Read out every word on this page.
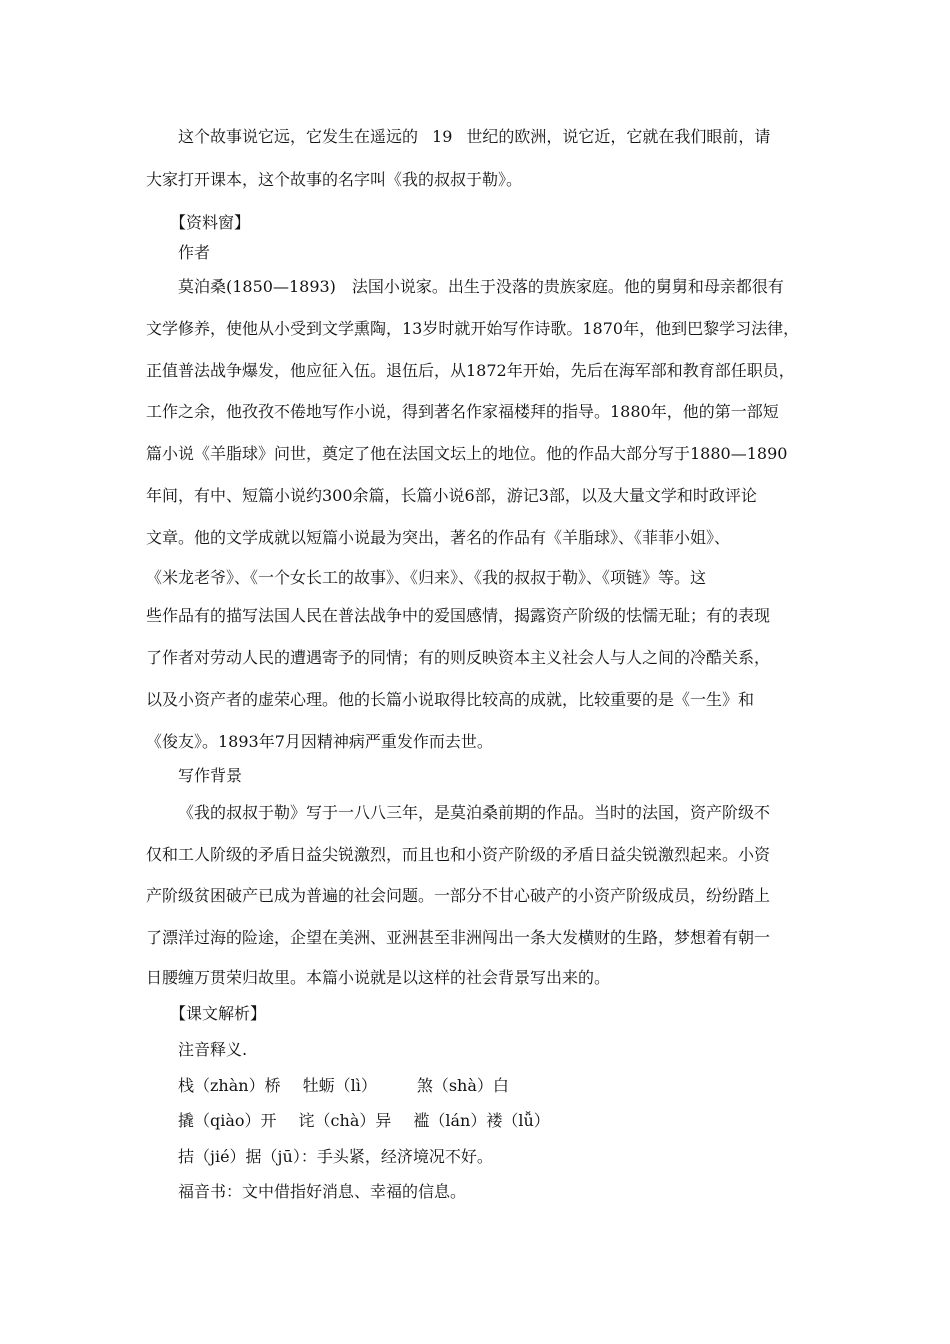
这个故事说它远，它发生在遥远的 19 世纪的欧洲，说它近，它就在我们眼前，请
大家打开课本，这个故事的名字叫《我的叔叔于勒》。
【资料窗】
作者
莫泊桑(1850—1893)　法国小说家。出生于没落的贵族家庭。他的舅舅和母亲都很有
文学修养，使他从小受到文学熏陶，13岁时就开始写作诗歌。1870年，他到巴黎学习法律，
正值普法战争爆发，他应征入伍。退伍后，从1872年开始，先后在海军部和教育部任职员，
工作之余，他孜孜不倦地写作小说，得到著名作家福楼拜的指导。1880年，他的第一部短
篇小说《羊脂球》问世，奠定了他在法国文坛上的地位。他的作品大部分写于1880—1890
年间，有中、短篇小说约300余篇，长篇小说6部，游记3部，以及大量文学和时政评论
文章。他的文学成就以短篇小说最为突出，著名的作品有《羊脂球》、《菲菲小姐》、
《米龙老爷》、《一个女长工的故事》、《归来》、《我的叔叔于勒》、《项链》等。这
些作品有的描写法国人民在普法战争中的爱国感情，揭露资产阶级的怯懦无耻；有的表现
了作者对劳动人民的遭遇寄予的同情；有的则反映资本主义社会人与人之间的冷酷关系，
以及小资产者的虚荣心理。他的长篇小说取得比较高的成就，比较重要的是《一生》和
《俊友》。1893年7月因精神病严重发作而去世。
写作背景
《我的叔叔于勒》写于一八八三年，是莫泊桑前期的作品。当时的法国，资产阶级不
仅和工人阶级的矛盾日益尖锐激烈，而且也和小资产阶级的矛盾日益尖锐激烈起来。小资
产阶级贫困破产已成为普遍的社会问题。一部分不甘心破产的小资产阶级成员，纷纷踏上
了漂洋过海的险途，企望在美洲、亚洲甚至非洲闯出一条大发横财的生路，梦想着有朝一
日腰缠万贯荣归故里。本篇小说就是以这样的社会背景写出来的。
【课文解析】
注音释义.
栈（zhàn）桥 牡蛎（lì）	煞（shà）白
撬（qiào）开 诧（chà）异 褴（lán）褛（lǚ）
拮（jié）据（jū）：手头紧，经济境况不好。
福音书：文中借指好消息、幸福的信息。
